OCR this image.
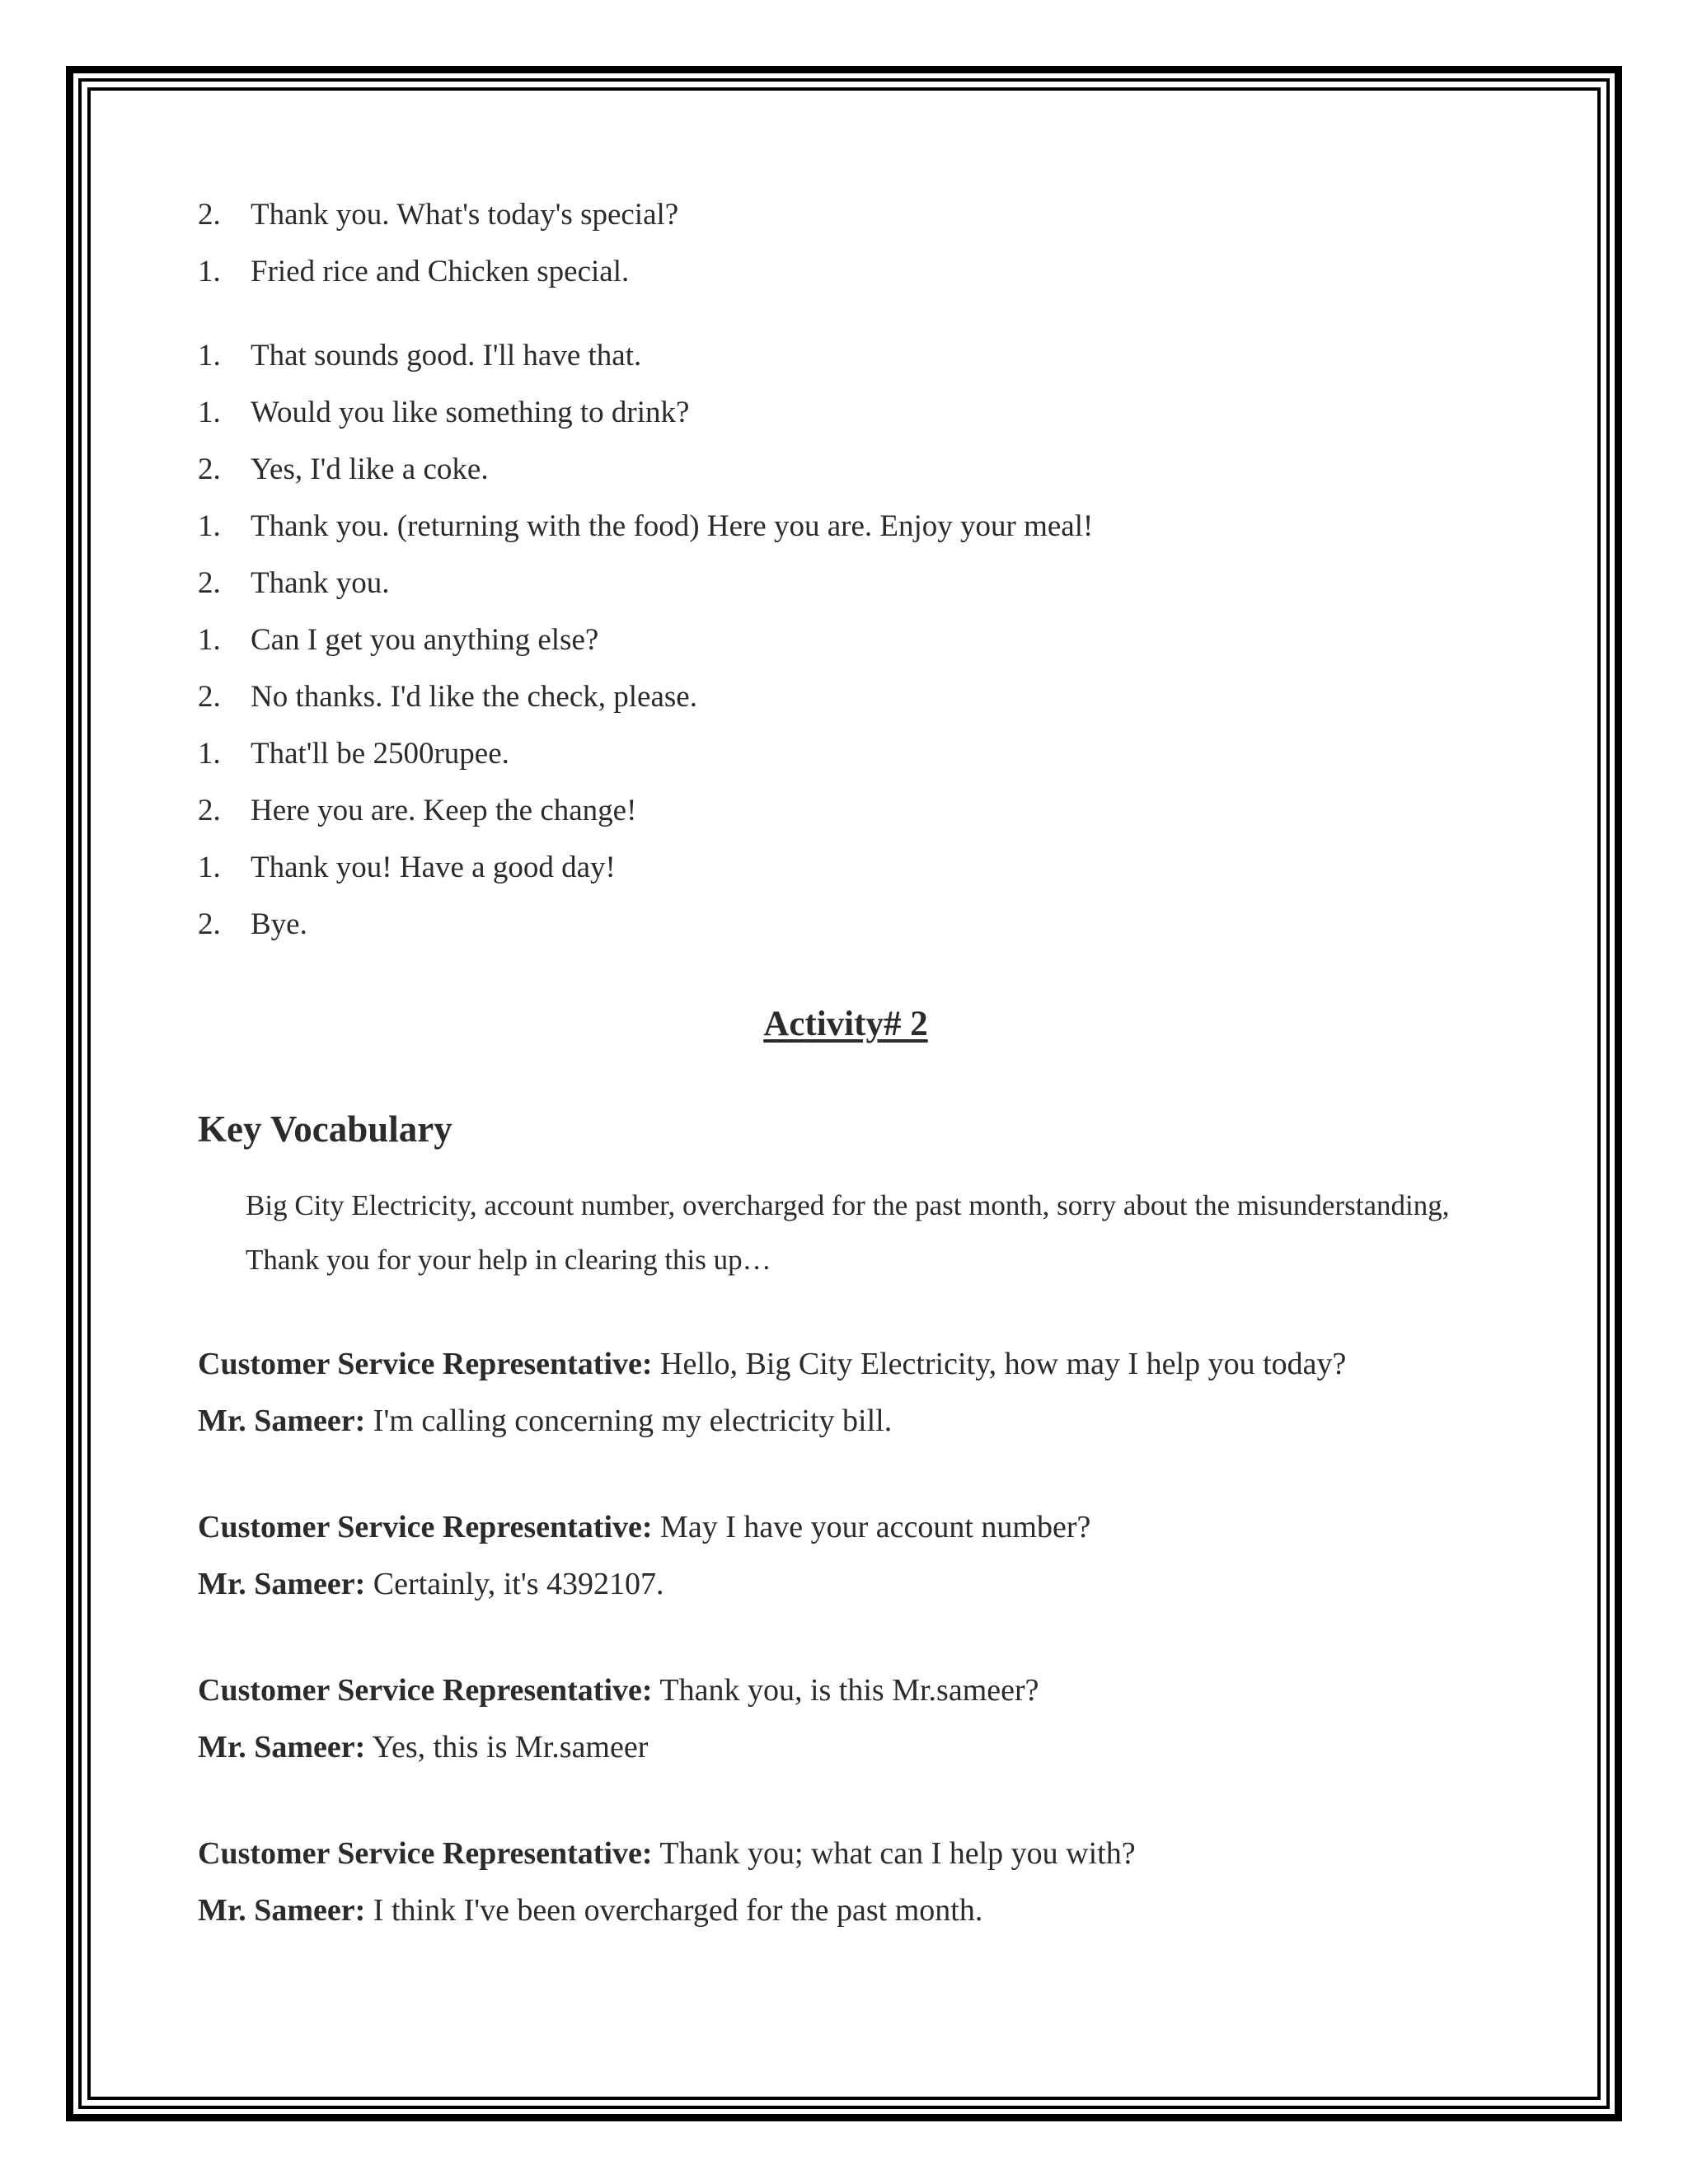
2. Thank you. What's today's special?
1. Fried rice and Chicken special.
1. That sounds good. I'll have that.
1. Would you like something to drink?
2. Yes, I'd like a coke.
1. Thank you. (returning with the food) Here you are. Enjoy your meal!
2. Thank you.
1. Can I get you anything else?
2. No thanks. I'd like the check, please.
1. That'll be 2500rupee.
2. Here you are. Keep the change!
1. Thank you! Have a good day!
2. Bye.
Activity# 2
Key Vocabulary
Big City Electricity, account number, overcharged for the past month, sorry about the misunderstanding, Thank you for your help in clearing this up…
Customer Service Representative: Hello, Big City Electricity, how may I help you today?
Mr. Sameer: I'm calling concerning my electricity bill.
Customer Service Representative: May I have your account number?
Mr. Sameer: Certainly, it's 4392107.
Customer Service Representative: Thank you, is this Mr.sameer?
Mr. Sameer: Yes, this is Mr.sameer
Customer Service Representative: Thank you; what can I help you with?
Mr. Sameer: I think I've been overcharged for the past month.
